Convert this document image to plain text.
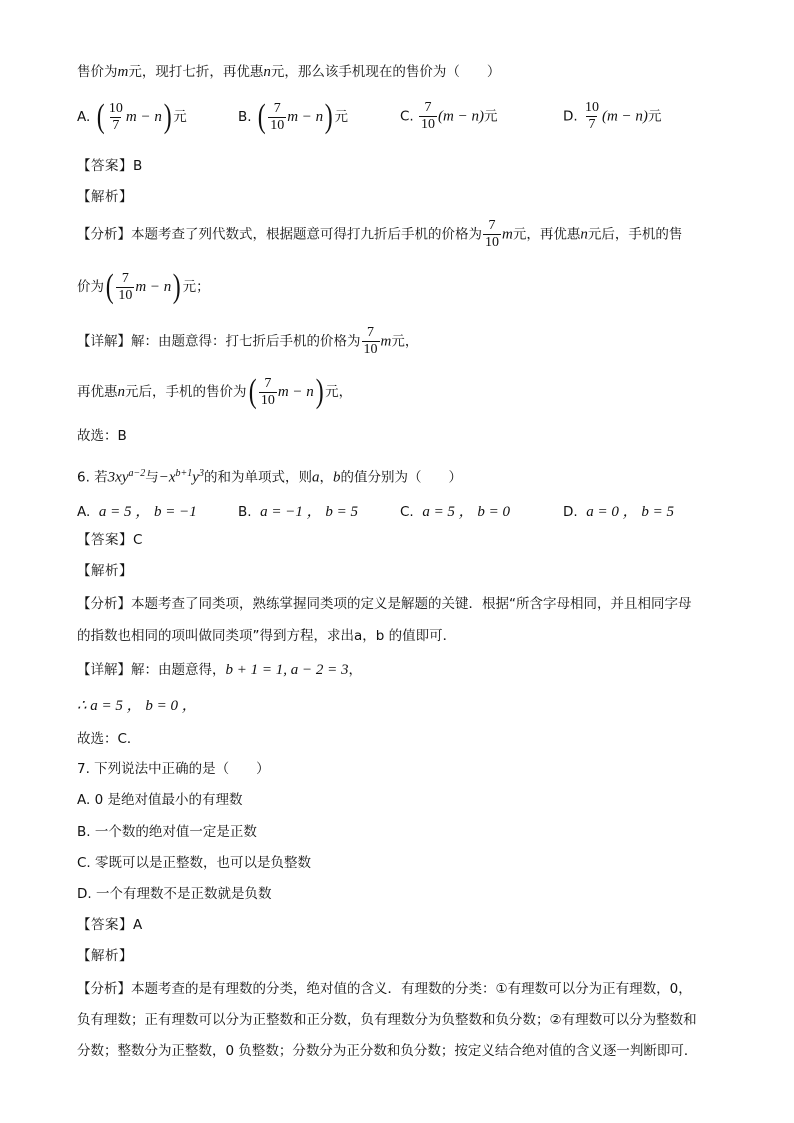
售价为m元，现打七折，再优惠n元，那么该手机现在的售价为（　　）
A. ( $\frac{10}{7}$ m − n) 元	B. ( $\frac{7}{10}$ m − n) 元	C. $\frac{7}{10} (m - n)$元	D. $\frac{10}{7} (m - n)$元
【答案】B
【解析】
【分析】本题考查了列代数式，根据题意可得打九折后手机的价格为 $\frac{7}{10}$ m元，再优惠n元后，手机的售
价为( $\frac{7}{10}$ m − n) 元；
【详解】解：由题意得：打七折后手机的价格为 $\frac{7}{10}$ m元，
再优惠n元后，手机的售价为( $\frac{7}{10}$ m − n) 元，
故选：B
6. 若$3xy^{a-2}$与$-x^{b+1}y^3$的和为单项式，则a，b的值分别为（　　）
A. a = 5 ， b = −1	B. a = −1 ， b = 5	C. a = 5 ， b = 0	D. a = 0 ， b = 5
【答案】C
【解析】
【分析】本题考查了同类项，熟练掌握同类项的定义是解题的关键．根据“所含字母相同，并且相同字母
的指数也相同的项叫做同类项”得到方程，求出a，b 的值即可．
【详解】解：由题意得，b + 1 = 1, a − 2 = 3，
∴ a = 5 ， b = 0 ，
故选：C．
7. 下列说法中正确的是（　　）
A. 0 是绝对值最小的有理数
B. 一个数的绝对值一定是正数
C. 零既可以是正整数，也可以是负整数
D. 一个有理数不是正数就是负数
【答案】A
【解析】
【分析】本题考查的是有理数的分类，绝对值的含义．有理数的分类：①有理数可以分为正有理数，0，
负有理数；正有理数可以分为正整数和正分数，负有理数分为负整数和负分数；②有理数可以分为整数和
分数；整数分为正整数，0 负整数；分数分为正分数和负分数；按定义结合绝对值的含义逐一判断即可．
